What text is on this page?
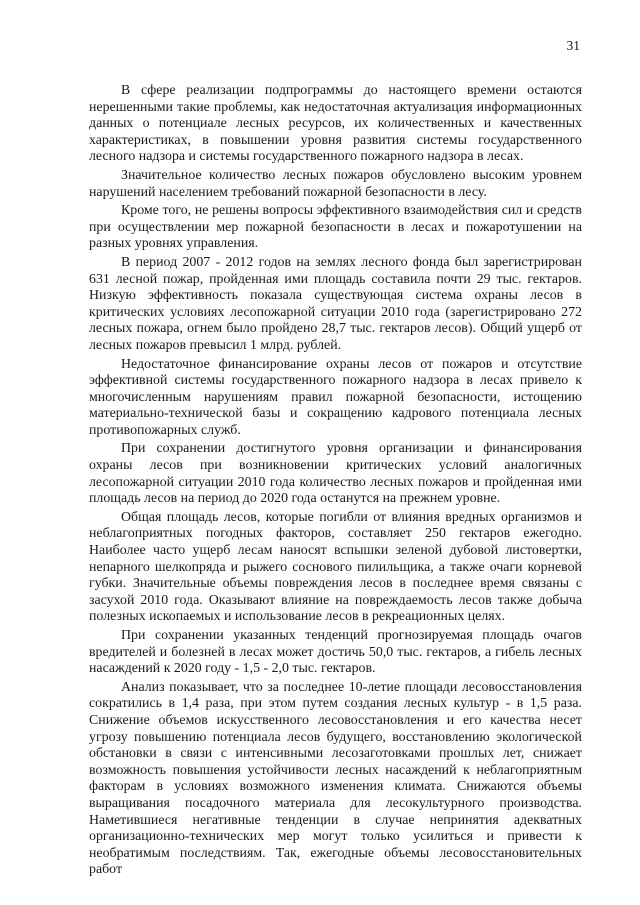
31

В сфере реализации подпрограммы до настоящего времени остаются нерешенными такие проблемы, как недостаточная актуализация информационных данных о потенциале лесных ресурсов, их количественных и качественных характеристиках, в повышении уровня развития системы государственного лесного надзора и системы государственного пожарного надзора в лесах.

Значительное количество лесных пожаров обусловлено высоким уровнем нарушений населением требований пожарной безопасности в лесу.

Кроме того, не решены вопросы эффективного взаимодействия сил и средств при осуществлении мер пожарной безопасности в лесах и пожаротушении на разных уровнях управления.

В период 2007 - 2012 годов на землях лесного фонда был зарегистрирован 631 лесной пожар, пройденная ими площадь составила почти 29 тыс. гектаров. Низкую эффективность показала существующая система охраны лесов в критических условиях лесопожарной ситуации 2010 года (зарегистрировано 272 лесных пожара, огнем было пройдено 28,7 тыс. гектаров лесов). Общий ущерб от лесных пожаров превысил 1 млрд. рублей.

Недостаточное финансирование охраны лесов от пожаров и отсутствие эффективной системы государственного пожарного надзора в лесах привело к многочисленным нарушениям правил пожарной безопасности, истощению материально-технической базы и сокращению кадрового потенциала лесных противопожарных служб.

При сохранении достигнутого уровня организации и финансирования охраны лесов при возникновении критических условий аналогичных лесопожарной ситуации 2010 года количество лесных пожаров и пройденная ими площадь лесов на период до 2020 года останутся на прежнем уровне.

Общая площадь лесов, которые погибли от влияния вредных организмов и неблагоприятных погодных факторов, составляет 250 гектаров ежегодно. Наиболее часто ущерб лесам наносят вспышки зеленой дубовой листовертки, непарного шелкопряда и рыжего соснового пилильщика, а также очаги корневой губки. Значительные объемы повреждения лесов в последнее время связаны с засухой 2010 года. Оказывают влияние на повреждаемость лесов также добыча полезных ископаемых и использование лесов в рекреационных целях.

При сохранении указанных тенденций прогнозируемая площадь очагов вредителей и болезней в лесах может достичь 50,0 тыс. гектаров, а гибель лесных насаждений к 2020 году - 1,5 - 2,0 тыс. гектаров.

Анализ показывает, что за последнее 10-летие площади лесовосстановления сократились в 1,4 раза, при этом путем создания лесных культур - в 1,5 раза. Снижение объемов искусственного лесовосстановления и его качества несет угрозу повышению потенциала лесов будущего, восстановлению экологической обстановки в связи с интенсивными лесозаготовками прошлых лет, снижает возможность повышения устойчивости лесных насаждений к неблагоприятным факторам в условиях возможного изменения климата. Снижаются объемы выращивания посадочного материала для лесокультурного производства. Наметившиеся негативные тенденции в случае непринятия адекватных организационно-технических мер могут только усилиться и привести к необратимым последствиям. Так, ежегодные объемы лесовосстановительных работ
